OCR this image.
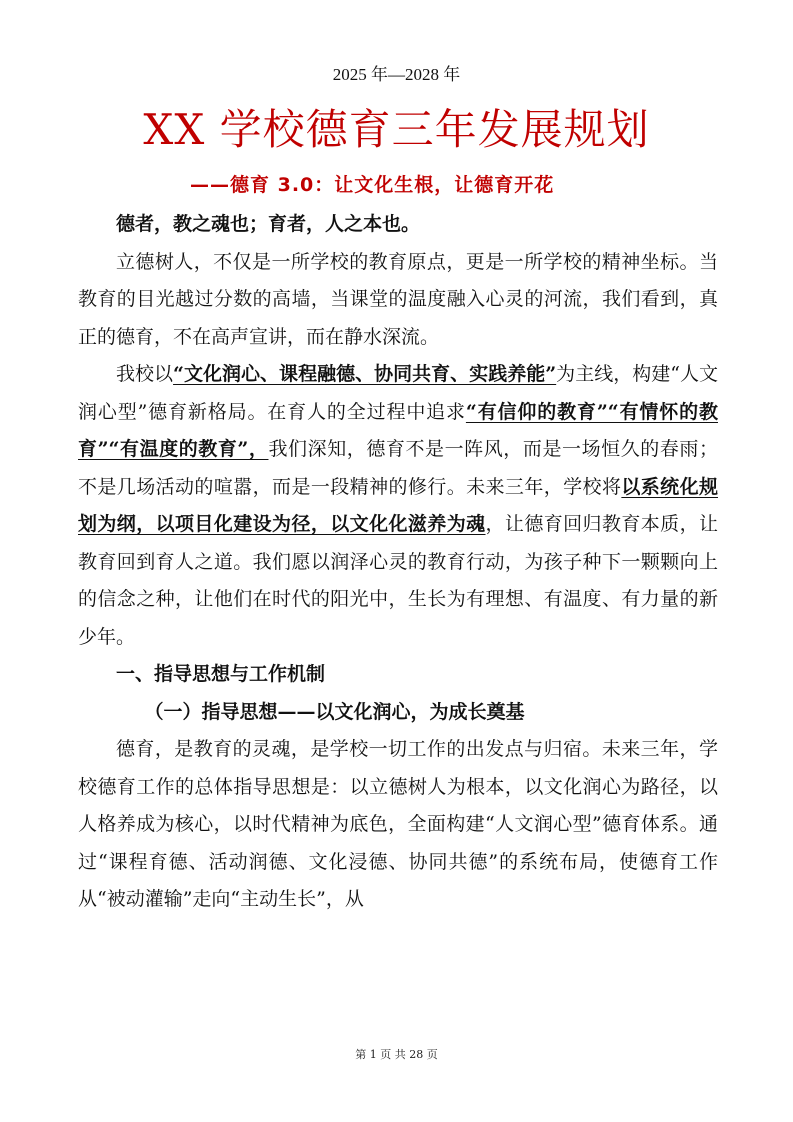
2025 年—2028 年
XX 学校德育三年发展规划
——德育 3.0：让文化生根，让德育开花

德者，教之魂也；育者，人之本也。

立德树人，不仅是一所学校的教育原点，更是一所学校的精神坐标。当教育的目光越过分数的高墙，当课堂的温度融入心灵的河流，我们看到，真正的德育，不在高声宣讲，而在静水深流。

我校以“文化润心、课程融德、协同共育、实践养能”为主线，构建“人文润心型”德育新格局。在育人的全过程中追求“有信仰的教育”“有情怀的教育”“有温度的教育”，我们深知，德育不是一阵风，而是一场恒久的春雨；不是几场活动的喧嚣，而是一段精神的修行。未来三年，学校将以系统化规划为纲，以项目化建设为径，以文化化滋养为魂，让德育回归教育本质，让教育回到育人之道。我们愿以润泽心灵的教育行动，为孩子种下一颗颗向上的信念之种，让他们在时代的阳光中，生长为有理想、有温度、有力量的新少年。

一、指导思想与工作机制

（一）指导思想——以文化润心，为成长奠基

德育，是教育的灵魂，是学校一切工作的出发点与归宿。未来三年，学校德育工作的总体指导思想是：以立德树人为根本，以文化润心为路径，以人格养成为核心，以时代精神为底色，全面构建“人文润心型”德育体系。通过“课程育德、活动润德、文化浸德、协同共德”的系统布局，使德育工作从“被动灌输”走向“主动生长”，从

第 1 页 共 28 页
